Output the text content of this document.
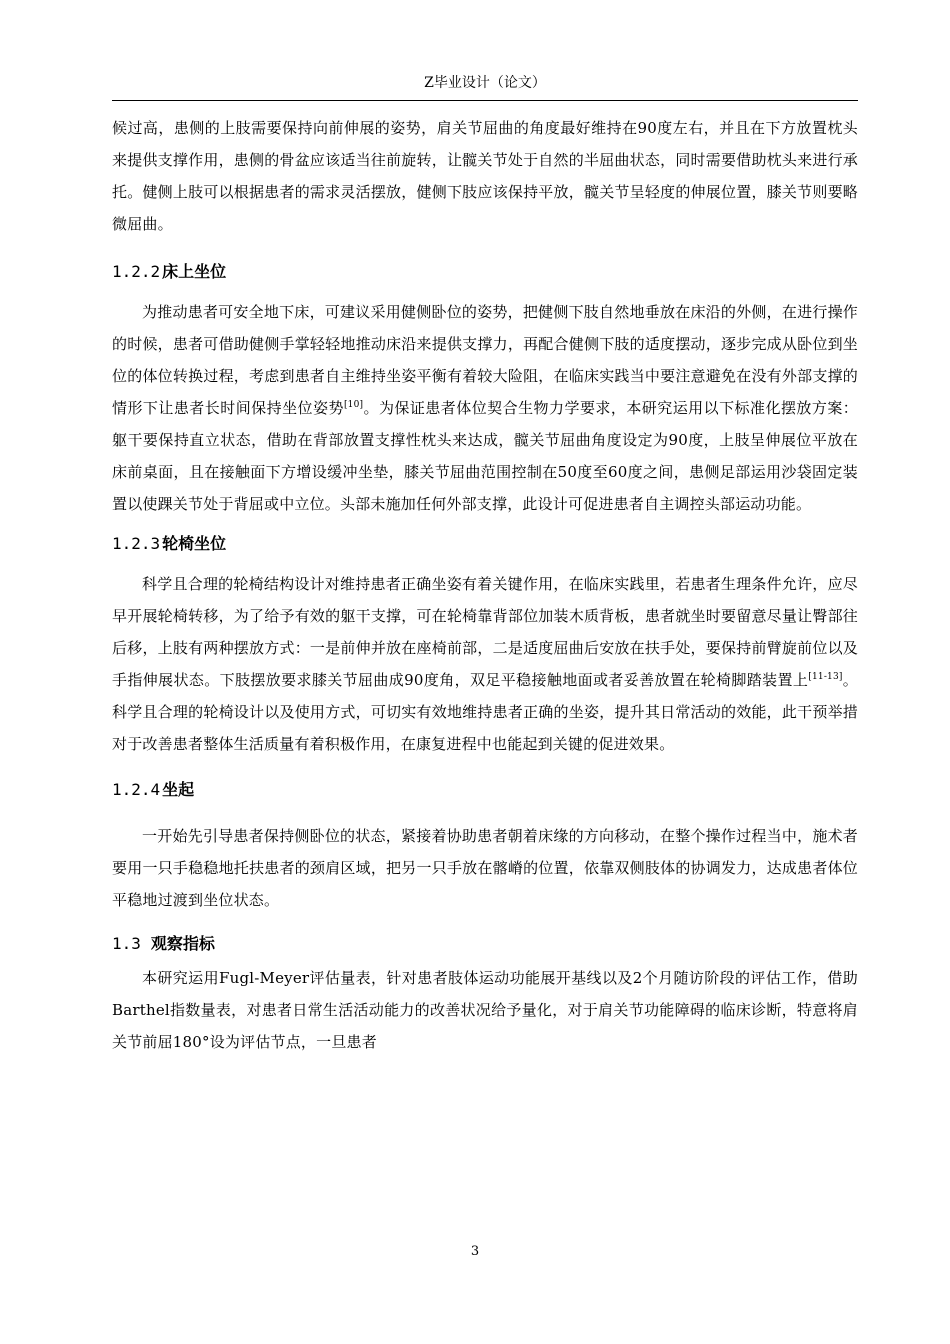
Z毕业设计（论文）

候过高，患侧的上肢需要保持向前伸展的姿势，肩关节屈曲的角度最好维持在90度左右，并且在下方放置枕头来提供支撑作用，患侧的骨盆应该适当往前旋转，让髋关节处于自然的半屈曲状态，同时需要借助枕头来进行承托。健侧上肢可以根据患者的需求灵活摆放，健侧下肢应该保持平放，髋关节呈轻度的伸展位置，膝关节则要略微屈曲。

1.2.2 床上坐位

为推动患者可安全地下床，可建议采用健侧卧位的姿势，把健侧下肢自然地垂放在床沿的外侧，在进行操作的时候，患者可借助健侧手掌轻轻地推动床沿来提供支撑力，再配合健侧下肢的适度摆动，逐步完成从卧位到坐位的体位转换过程，考虑到患者自主维持坐姿平衡有着较大险阻，在临床实践当中要注意避免在没有外部支撑的情形下让患者长时间保持坐位姿势[10]。为保证患者体位契合生物力学要求，本研究运用以下标准化摆放方案：躯干要保持直立状态，借助在背部放置支撑性枕头来达成，髋关节屈曲角度设定为90度，上肢呈伸展位平放在床前桌面，且在接触面下方增设缓冲坐垫，膝关节屈曲范围控制在50度至60度之间，患侧足部运用沙袋固定装置以使踝关节处于背屈或中立位。头部未施加任何外部支撑，此设计可促进患者自主调控头部运动功能。

1.2.3 轮椅坐位

科学且合理的轮椅结构设计对维持患者正确坐姿有着关键作用，在临床实践里，若患者生理条件允许，应尽早开展轮椅转移，为了给予有效的躯干支撑，可在轮椅靠背部位加装木质背板，患者就坐时要留意尽量让臀部往后移，上肢有两种摆放方式：一是前伸并放在座椅前部，二是适度屈曲后安放在扶手处，要保持前臂旋前位以及手指伸展状态。下肢摆放要求膝关节屈曲成90度角，双足平稳接触地面或者妥善放置在轮椅脚踏装置上[11-13]。科学且合理的轮椅设计以及使用方式，可切实有效地维持患者正确的坐姿，提升其日常活动的效能，此干预举措对于改善患者整体生活质量有着积极作用，在康复进程中也能起到关键的促进效果。

1.2.4 坐起

一开始先引导患者保持侧卧位的状态，紧接着协助患者朝着床缘的方向移动，在整个操作过程当中，施术者要用一只手稳稳地托扶患者的颈肩区域，把另一只手放在髂嵴的位置，依靠双侧肢体的协调发力，达成患者体位平稳地过渡到坐位状态。

1.3 观察指标

本研究运用Fugl-Meyer评估量表，针对患者肢体运动功能展开基线以及2个月随访阶段的评估工作，借助Barthel指数量表，对患者日常生活活动能力的改善状况给予量化，对于肩关节功能障碍的临床诊断，特意将肩关节前屈180°设为评估节点，一旦患者

3
